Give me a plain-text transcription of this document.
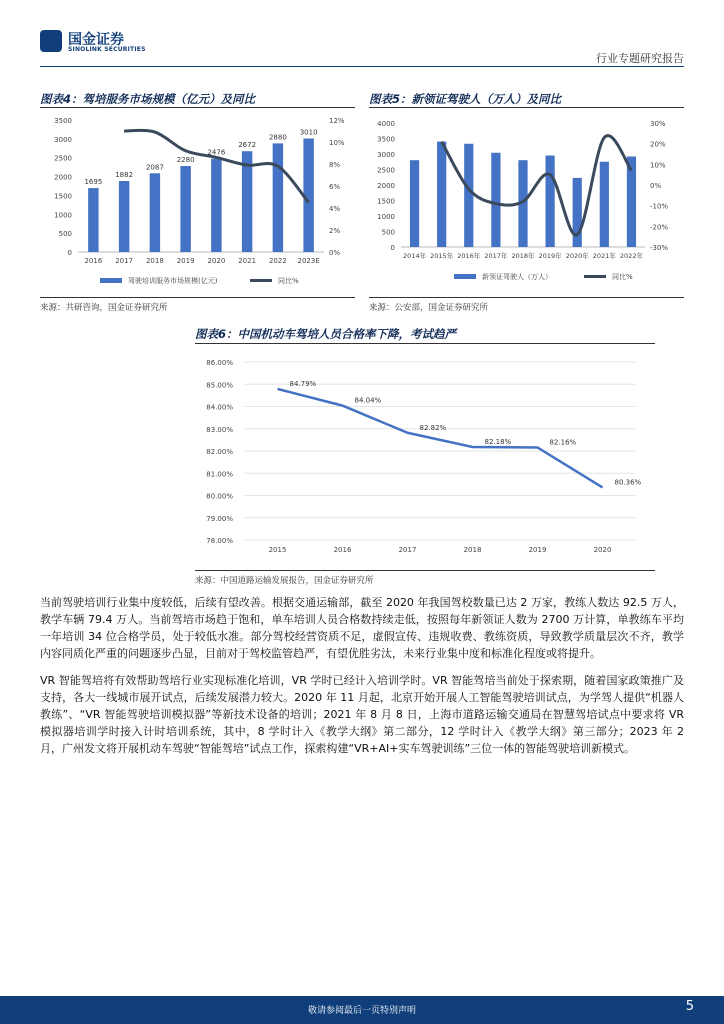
国金证券
SINOLINK SECURITIES
行业专题研究报告
图表4：驾培服务市场规模（亿元）及同比
0
500
1000
1500
2000
2500
3000
3500
0%
2%
4%
6%
8%
10%
12%
1695
2016
1882
2017
2087
2018
2280
2019
2476
2020
2672
2021
2880
2022
3010
2023E
驾驶培训服务市场规模(亿元)	同比%
来源：共研咨询，国金证券研究所
图表5：新领证驾驶人（万人）及同比
0
500
1000
1500
2000
2500
3000
3500
4000
-30%
-20%
-10%
0%
10%
20%
30%
2014年 2015年 2016年 2017年 2018年 2019年 2020年 2021年 2022年
新领证驾驶人（万人）	同比%
来源：公安部，国金证券研究所
图表6：中国机动车驾培人员合格率下降，考试趋严
78.00%
79.00%
80.00%
81.00%
82.00%
83.00%
84.00%
85.00%
86.00%
84.79%
2015
84.04%
2016
82.82%
2017
82.18%
2018
82.16%
2019
80.36%
2020
来源：中国道路运输发展报告，国金证券研究所
当前驾驶培训行业集中度较低，后续有望改善。根据交通运输部，截至 2020 年我国驾校数量已达 2 万家，教练人数达 92.5 万人，教学车辆 79.4 万人。当前驾培市场趋于饱和，单车培训人员合格数持续走低，按照每年新领证人数为 2700 万计算，单教练车平均一年培训 34 位合格学员，处于较低水准。部分驾校经营资质不足，虚假宣传、违规收费、教练资质，导致教学质量层次不齐，教学内容同质化严重的问题逐步凸显，目前对于驾校监管趋严，有望优胜劣汰，未来行业集中度和标准化程度或将提升。
VR 智能驾培将有效帮助驾培行业实现标准化培训，VR 学时已经计入培训学时。VR 智能驾培当前处于探索期，随着国家政策推广及支持，各大一线城市展开试点，后续发展潜力较大。2020 年 11 月起，北京开始开展人工智能驾驶培训试点，为学驾人提供“机器人教练”、“VR 智能驾驶培训模拟器”等新技术设备的培训；2021 年 8 月 8 日，上海市道路运输交通局在智慧驾培试点中要求将 VR 模拟器培训学时接入计时培训系统，其中，8 学时计入《教学大纲》第二部分，12 学时计入《教学大纲》第三部分；2023 年 2 月，广州发文将开展机动车驾驶“智能驾培”试点工作，探索构建“VR+AI+实车驾驶训练”三位一体的智能驾驶培训新模式。
敬请参阅最后一页特别声明	5
